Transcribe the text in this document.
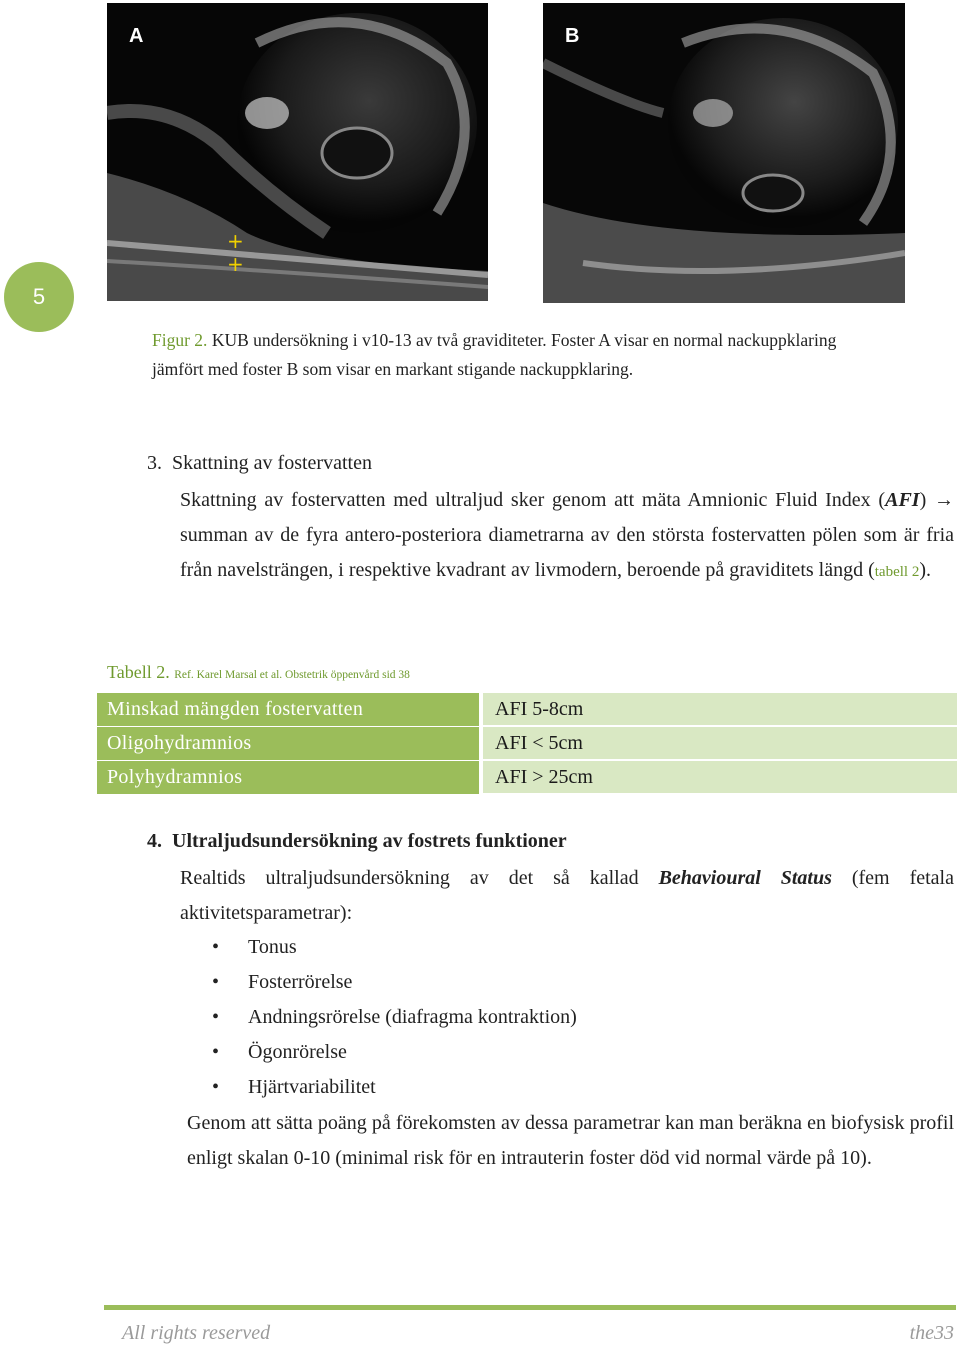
+
+
A	B
5
Figur 2. KUB undersökning i v10-13 av två graviditeter. Foster A visar en normal nackuppklaring jämfört med foster B som visar en markant stigande nackuppklaring.
3. Skattning av fostervatten
Skattning av fostervatten med ultraljud sker genom att mäta Amnionic Fluid Index (AFI) → summan av de fyra antero-posteriora diametrarna av den största fostervatten pölen som är fria från navelsträngen, i respektive kvadrant av livmodern, beroende på graviditets längd (tabell 2).
Tabell 2. Ref. Karel Marsal et al. Obstetrik öppenvård sid 38
Minskad mängden fostervatten	AFI 5-8cm
Oligohydramnios	AFI < 5cm
Polyhydramnios	AFI > 25cm
4. Ultraljudsundersökning av fostrets funktioner
Realtids ultraljudsundersökning av det så kallad Behavioural Status (fem fetala aktivitetsparametrar):
• Tonus
• Fosterrörelse
• Andningsrörelse (diafragma kontraktion)
• Ögonrörelse
• Hjärtvariabilitet
Genom att sätta poäng på förekomsten av dessa parametrar kan man beräkna en biofysisk profil enligt skalan 0-10 (minimal risk för en intrauterin foster död vid normal värde på 10).
All rights reserved	the33
